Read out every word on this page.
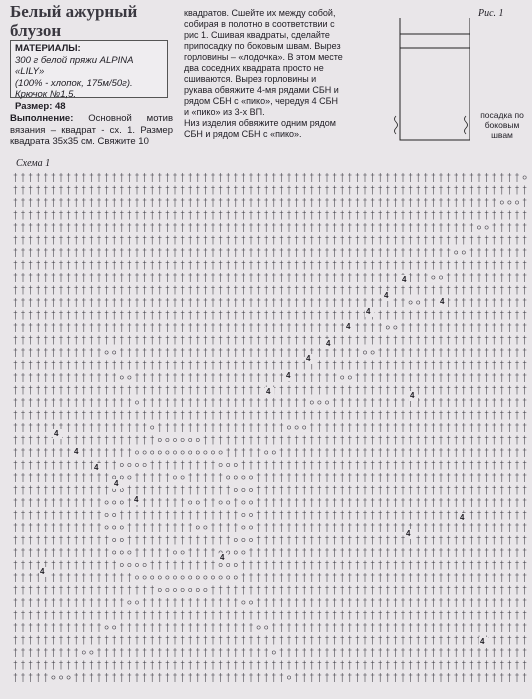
Белый ажурный
блузон
МАТЕРИАЛЫ:
300 г белой пряжи ALPINA «LILY»
(100% - хлопок, 175м/50г).
Крючок №1,5.
Размер: 48
Выполнение: Основной мотив вязания – квадрат - сх. 1. Размер квадрата 35х35 см. Свяжите 10
квадратов. Сшейте их между собой, собирая в полотно в соответствии с рис 1. Сшивая квадраты, сделайте припосадку по боковым швам. Вырез горловины – «лодочка». В этом месте два соседних квадрата просто не сшиваются. Вырез горловины и рукава обвяжите 4-мя рядами СБН и рядом СБН с «пико», чередуя 4 СБН и «пико» из 3-х ВП.
Низ изделия обвяжите одним рядом СБН и рядом СБН с «пико».
Рис. 1
посадка по боковым швам
Схема 1
4
4
4
4
4
4
4
4
4
4
4
4
4
4
4
4
4
4
4
4
